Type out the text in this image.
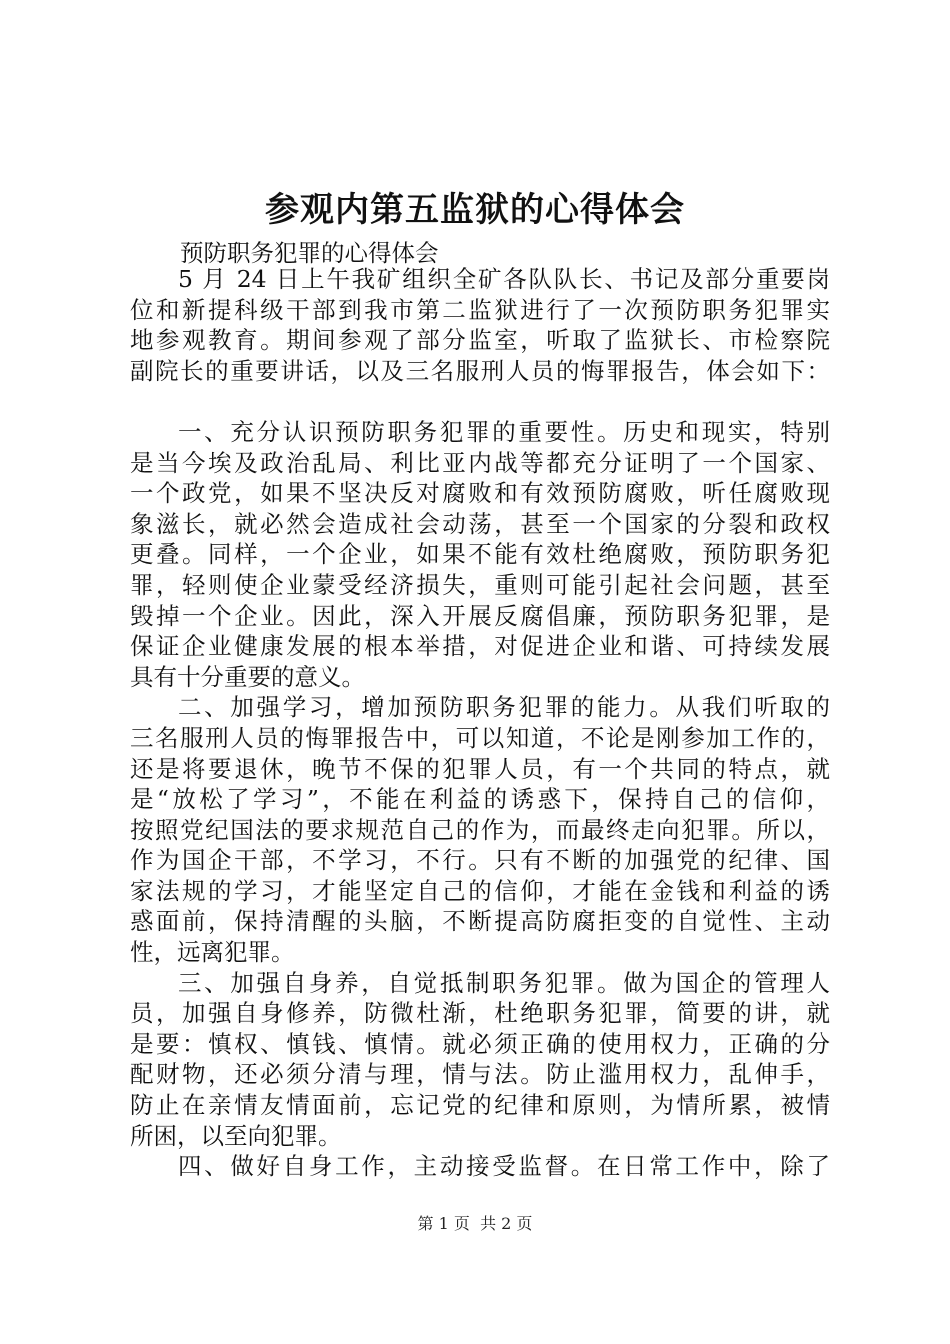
参观内第五监狱的心得体会
预防职务犯罪的心得体会
5 月 24 日上午我矿组织全矿各队队长、书记及部分重要岗
位和新提科级干部到我市第二监狱进行了一次预防职务犯罪实
地参观教育。期间参观了部分监室，听取了监狱长、市检察院
副院长的重要讲话，以及三名服刑人员的悔罪报告，体会如下：
一、充分认识预防职务犯罪的重要性。历史和现实，特别
是当今埃及政治乱局、利比亚内战等都充分证明了一个国家、
一个政党，如果不坚决反对腐败和有效预防腐败，听任腐败现
象滋长，就必然会造成社会动荡，甚至一个国家的分裂和政权
更叠。同样，一个企业，如果不能有效杜绝腐败，预防职务犯
罪，轻则使企业蒙受经济损失，重则可能引起社会问题，甚至
毁掉一个企业。因此，深入开展反腐倡廉，预防职务犯罪，是
保证企业健康发展的根本举措，对促进企业和谐、可持续发展
具有十分重要的意义。
二、加强学习，增加预防职务犯罪的能力。从我们听取的
三名服刑人员的悔罪报告中，可以知道，不论是刚参加工作的，
还是将要退休，晚节不保的犯罪人员，有一个共同的特点，就
是“放松了学习”，不能在利益的诱惑下，保持自己的信仰，
按照党纪国法的要求规范自己的作为，而最终走向犯罪。所以，
作为国企干部，不学习，不行。只有不断的加强党的纪律、国
家法规的学习，才能坚定自己的信仰，才能在金钱和利益的诱
惑面前，保持清醒的头脑，不断提高防腐拒变的自觉性、主动
性，远离犯罪。
三、加强自身养，自觉抵制职务犯罪。做为国企的管理人
员，加强自身修养，防微杜渐，杜绝职务犯罪，简要的讲，就
是要：慎权、慎钱、慎情。就必须正确的使用权力，正确的分
配财物，还必须分清与理，情与法。防止滥用权力，乱伸手，
防止在亲情友情面前，忘记党的纪律和原则，为情所累，被情
所困，以至向犯罪。
四、做好自身工作，主动接受监督。在日常工作中，除了
第 1 页  共 2 页
